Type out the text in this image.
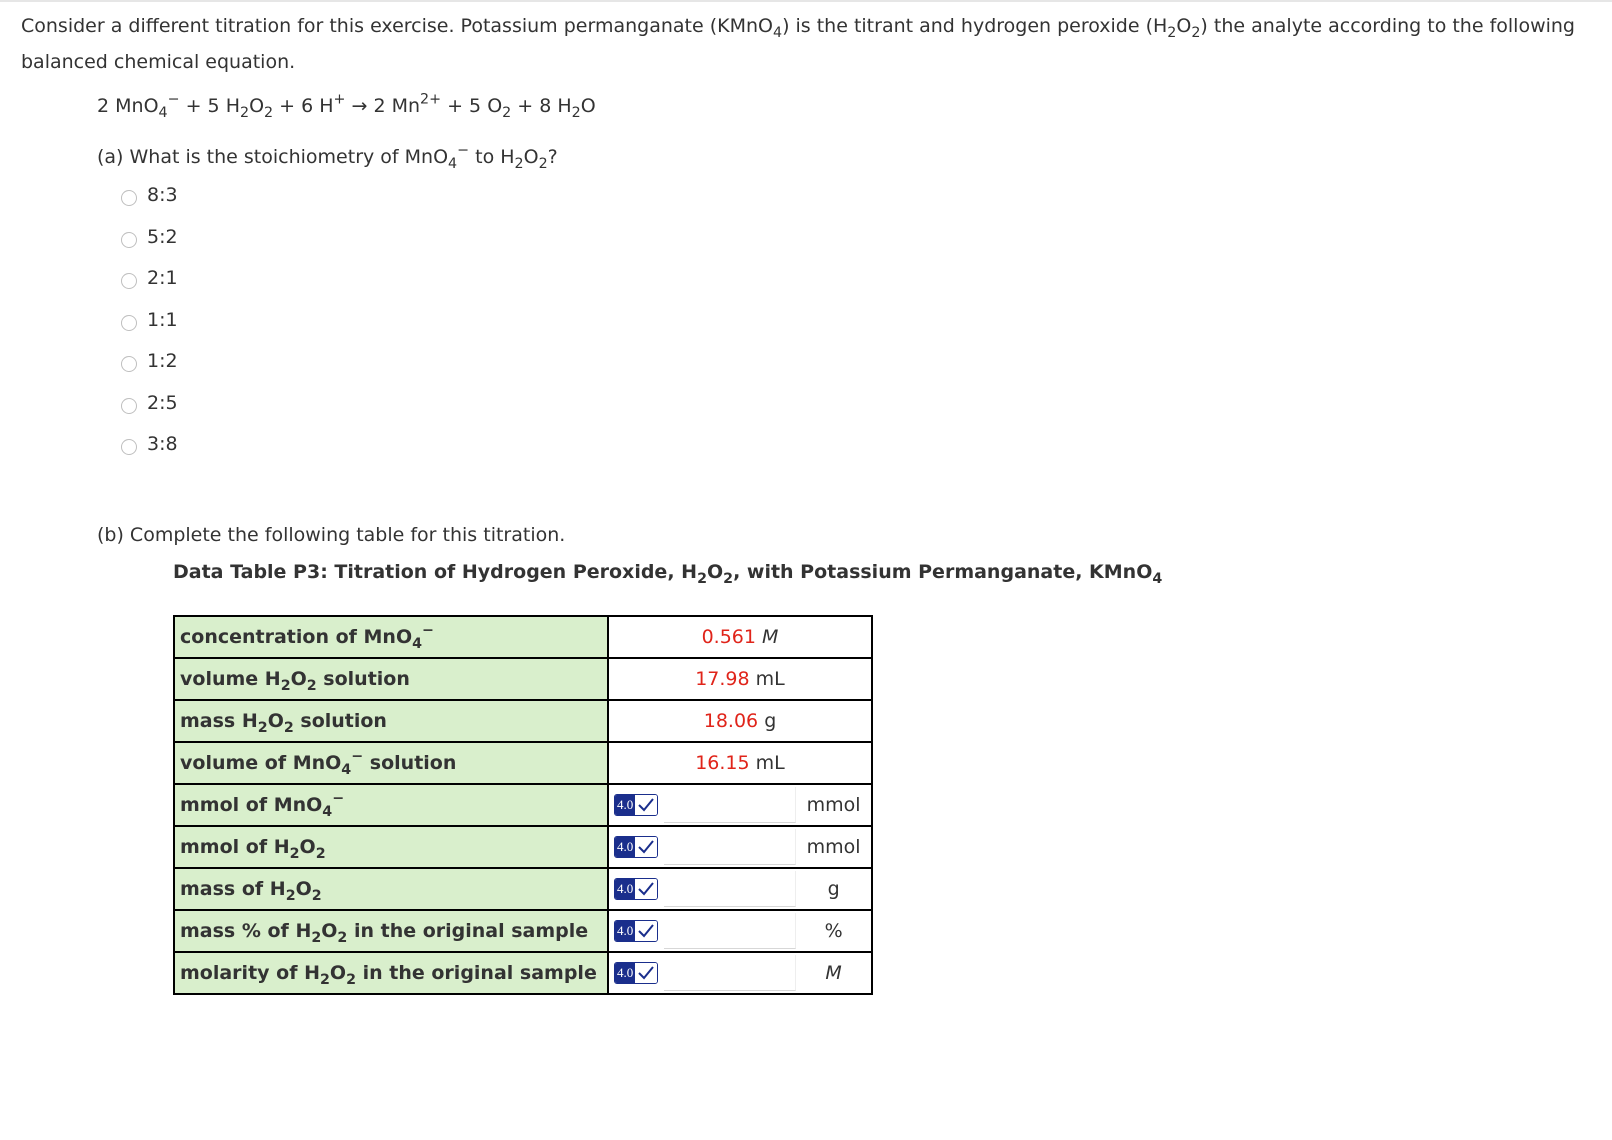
Consider a different titration for this exercise. Potassium permanganate (KMnO$_4$) is the titrant and hydrogen peroxide $(H_2O_2)$ the analyte according to the following balanced chemical equation.
2 MnO$_4$− + 5 $H_2O_2 + 6$ H+ → 2 $Mn^{2+} + 5$ $O_2 + 8$ $H_2O$
(a) What is the stoichiometry of MnO$_4$− to $H_2O_2$?
8:3
5:2
2:1
1:1
1:2
2:5
3:8
(b) Complete the following table for this titration.
Data Table P3: Titration of Hydrogen Peroxide, $H_2O_2$, with Potassium Permanganate, KMnO$_4$
concentration of MnO$_4$−	0.561 M
volume $H_2O_2$ solution	17.98 mL
mass $H_2O_2$ solution	18.06 g
volume of MnO$_4$− solution	16.15 mL
mmol of MnO$_4$−	4.0 mmol

mmol of $H_2O_2$	4.0 mmol

mass of $H_2O_2$	4.0 g

mass % of $H_2O_2$ in the original sample	4.0 %

molarity of $H_2O_2$ in the original sample	4.0 M
